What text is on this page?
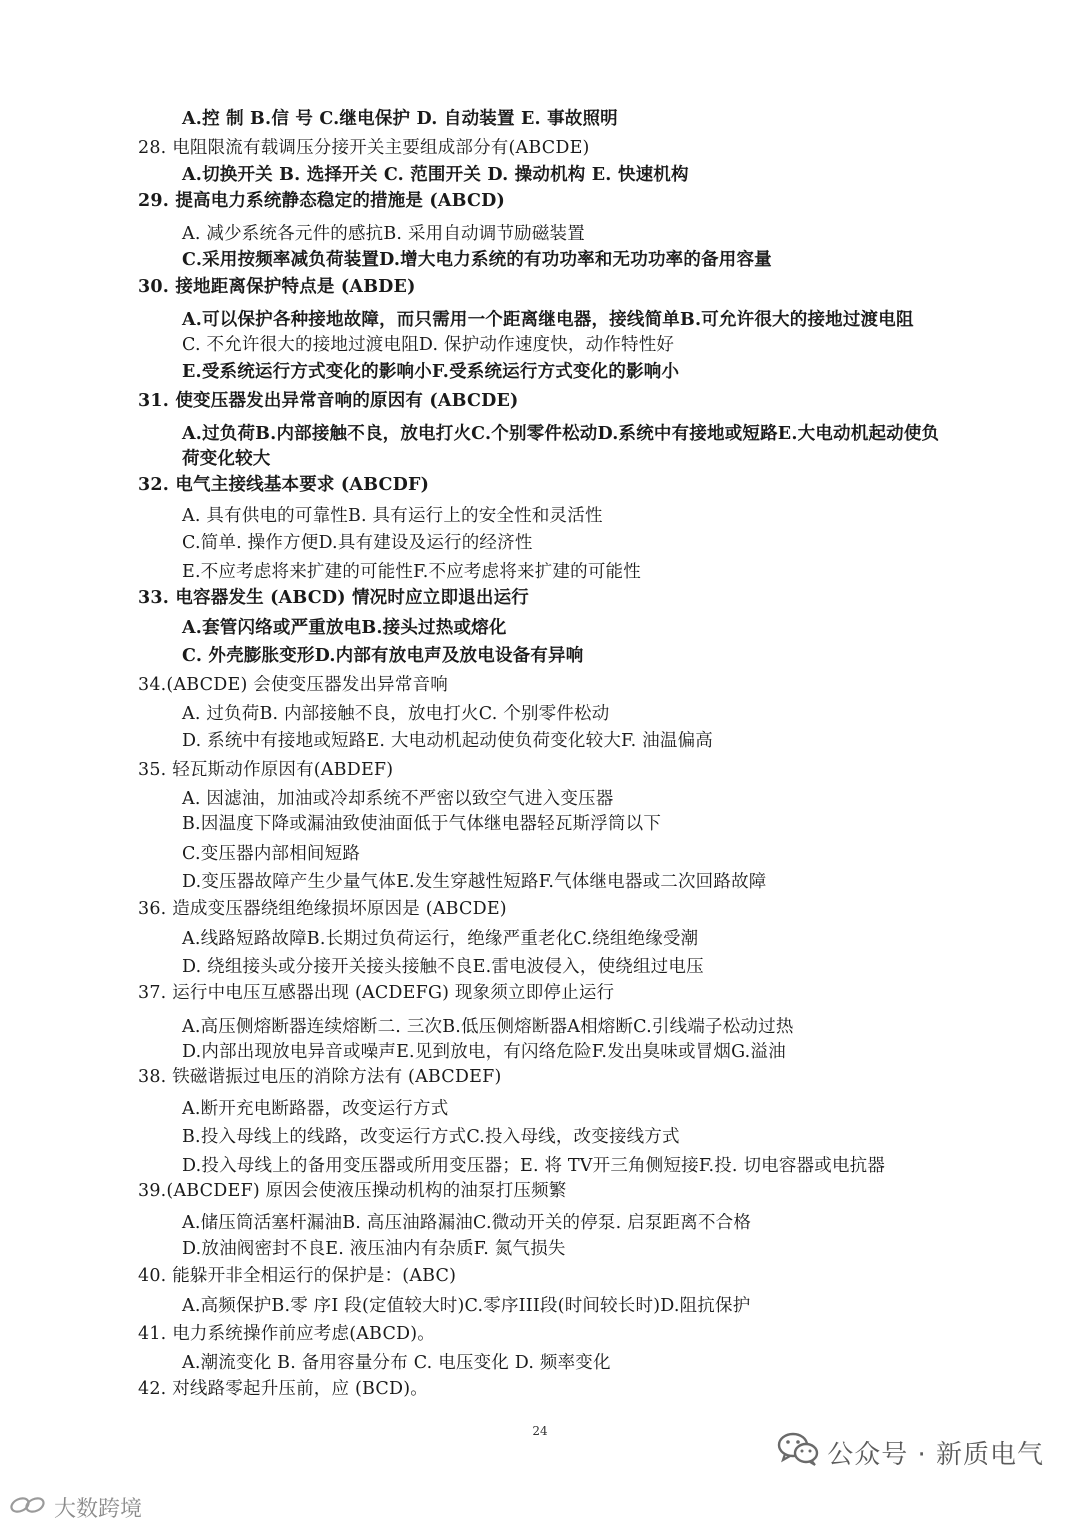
A.控 制 B.信 号 C.继电保护 D. 自动装置 E. 事故照明
28. 电阻限流有载调压分接开关主要组成部分有(ABCDE)
A.切换开关 B. 选择开关 C. 范围开关 D. 操动机构 E. 快速机构
29. 提高电力系统静态稳定的措施是 (ABCD)
A. 减少系统各元件的感抗B. 采用自动调节励磁装置
C.采用按频率减负荷装置D.增大电力系统的有功功率和无功功率的备用容量
30. 接地距离保护特点是 (ABDE)
A.可以保护各种接地故障，而只需用一个距离继电器，接线简单B.可允许很大的接地过渡电阻
C. 不允许很大的接地过渡电阻D. 保护动作速度快，动作特性好
E.受系统运行方式变化的影响小F.受系统运行方式变化的影响小
31. 使变压器发出异常音响的原因有 (ABCDE)
A.过负荷B.内部接触不良，放电打火C.个别零件松动D.系统中有接地或短路E.大电动机起动使负
荷变化较大
32. 电气主接线基本要求 (ABCDF)
A. 具有供电的可靠性B. 具有运行上的安全性和灵活性
C.简单. 操作方便D.具有建设及运行的经济性
E.不应考虑将来扩建的可能性F.不应考虑将来扩建的可能性
33. 电容器发生 (ABCD) 情况时应立即退出运行
A.套管闪络或严重放电B.接头过热或熔化
C. 外壳膨胀变形D.内部有放电声及放电设备有异响
34.(ABCDE) 会使变压器发出异常音响
A. 过负荷B. 内部接触不良，放电打火C. 个别零件松动
D. 系统中有接地或短路E. 大电动机起动使负荷变化较大F. 油温偏高
35. 轻瓦斯动作原因有(ABDEF)
A. 因滤油，加油或冷却系统不严密以致空气进入变压器
B.因温度下降或漏油致使油面低于气体继电器轻瓦斯浮筒以下
C.变压器内部相间短路
D.变压器故障产生少量气体E.发生穿越性短路F.气体继电器或二次回路故障
36. 造成变压器绕组绝缘损坏原因是 (ABCDE)
A.线路短路故障B.长期过负荷运行，绝缘严重老化C.绕组绝缘受潮
D. 绕组接头或分接开关接头接触不良E.雷电波侵入，使绕组过电压
37. 运行中电压互感器出现 (ACDEFG) 现象须立即停止运行
A.高压侧熔断器连续熔断二. 三次B.低压侧熔断器A相熔断C.引线端子松动过热
D.内部出现放电异音或噪声E.见到放电，有闪络危险F.发出臭味或冒烟G.溢油
38. 铁磁谐振过电压的消除方法有 (ABCDEF)
A.断开充电断路器，改变运行方式
B.投入母线上的线路，改变运行方式C.投入母线，改变接线方式
D.投入母线上的备用变压器或所用变压器；E. 将 TV开三角侧短接F.投. 切电容器或电抗器
39.(ABCDEF) 原因会使液压操动机构的油泵打压频繁
A.储压筒活塞杆漏油B. 高压油路漏油C.微动开关的停泵. 启泵距离不合格
D.放油阀密封不良E. 液压油内有杂质F. 氮气损失
40. 能躲开非全相运行的保护是：(ABC)
A.高频保护B.零 序I 段(定值较大时)C.零序III段(时间较长时)D.阻抗保护
41. 电力系统操作前应考虑(ABCD)。
A.潮流变化 B. 备用容量分布 C. 电压变化 D. 频率变化
42. 对线路零起升压前，应 (BCD)。
24
公众号 · 新质电气
大数跨境
